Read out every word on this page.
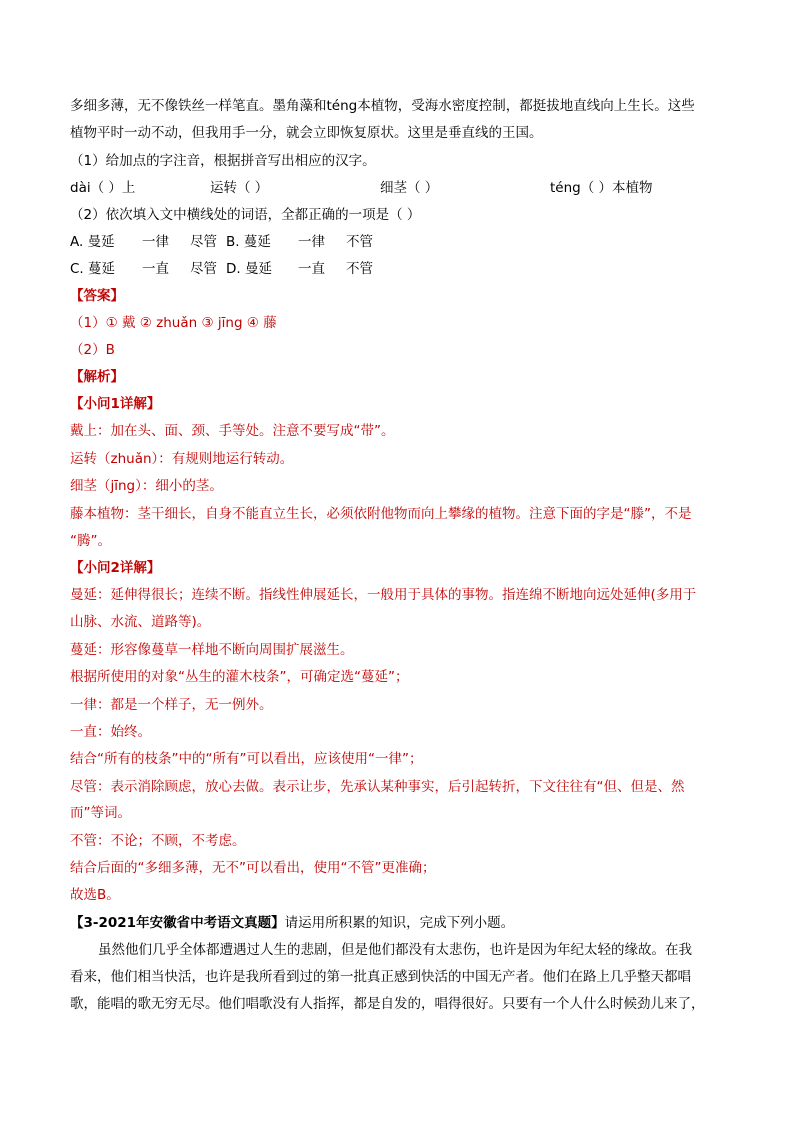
多细多薄，无不像铁丝一样笔直。墨角藻和téng本植物，受海水密度控制，都挺拔地直线向上生长。这些
植物平时一动不动，但我用手一分，就会立即恢复原状。这里是垂直线的王国。
（1）给加点的字注音，根据拼音写出相应的汉字。
dài（ ）上	运转（ ）	细茎（ ）	téng（ ）本植物
（2）依次填入文中横线处的词语，全都正确的一项是（ ）
A. 曼延 一律 尽管 B. 蔓延 一律 不管
C. 蔓延 一直 尽管 D. 曼延 一直 不管
【答案】
（1）① 戴 ② zhuǎn ③ jīng ④ 藤
（2）B
【解析】
【小问1详解】
戴上：加在头、面、颈、手等处。注意不要写成“带”。
运转（zhuǎn）：有规则地运行转动。
细茎（jīng）：细小的茎。
藤本植物：茎干细长，自身不能直立生长，必须依附他物而向上攀缘的植物。注意下面的字是“滕”，不是
“腾”。
【小问2详解】
曼延：延伸得很长；连续不断。指线性伸展延长，一般用于具体的事物。指连绵不断地向远处延伸(多用于
山脉、水流、道路等)。
蔓延：形容像蔓草一样地不断向周围扩展滋生。
根据所使用的对象“丛生的灌木枝条”，可确定选“蔓延”；
一律：都是一个样子，无一例外。
一直：始终。
结合“所有的枝条”中的“所有”可以看出，应该使用“一律”；
尽管：表示消除顾虑，放心去做。表示让步，先承认某种事实，后引起转折，下文往往有“但、但是、然
而”等词。
不管：不论；不顾，不考虑。
结合后面的“多细多薄，无不”可以看出，使用“不管”更准确；
故选B。
【3-2021年安徽省中考语文真题】请运用所积累的知识，完成下列小题。
虽然他们几乎全体都遭遇过人生的悲剧，但是他们都没有太悲伤，也许是因为年纪太轻的缘故。在我
看来，他们相当快活，也许是我所看到过的第一批真正感到快活的中国无产者。他们在路上几乎整天都唱
歌，能唱的歌无穷无尽。他们唱歌没有人指挥，都是自发的，唱得很好。只要有一个人什么时候劲儿来了，
